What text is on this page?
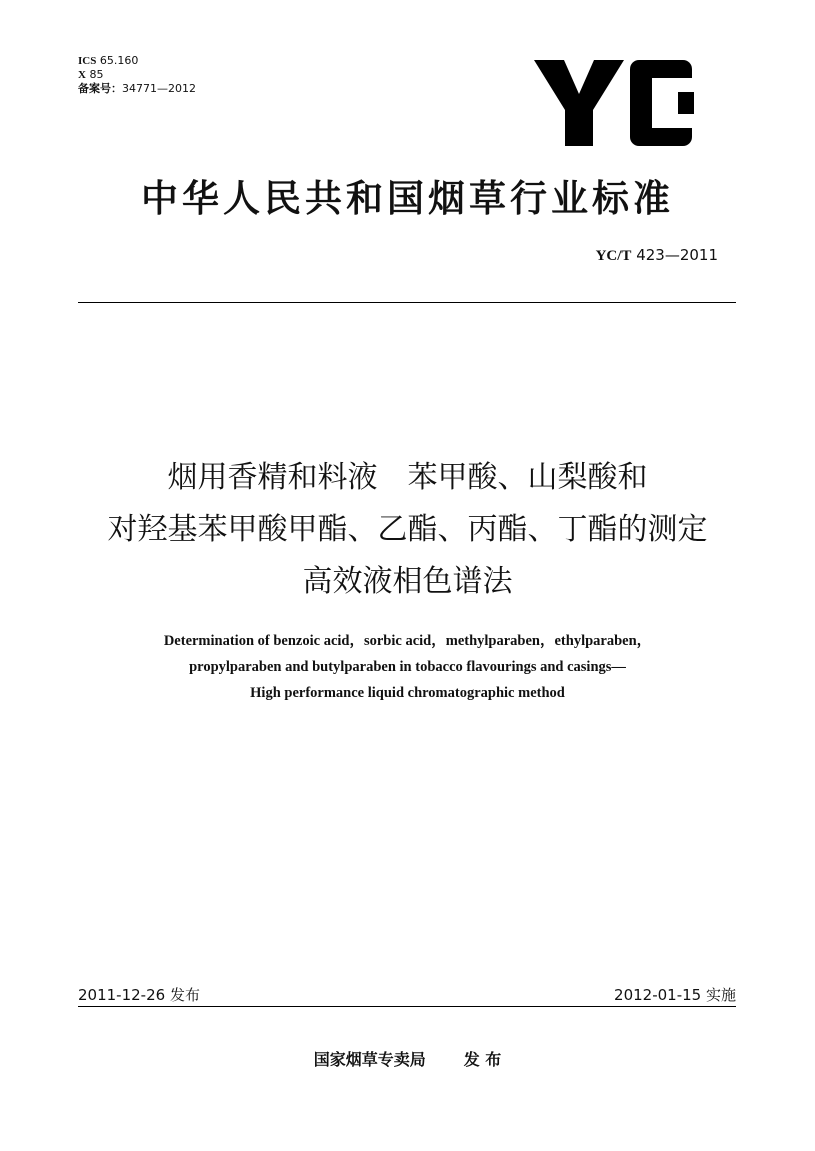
ICS 65.160
X 85
备案号：34771—2012
中华人民共和国烟草行业标准
YC/T 423—2011
烟用香精和料液　苯甲酸、山梨酸和
对羟基苯甲酸甲酯、乙酯、丙酯、丁酯的测定
高效液相色谱法
Determination of benzoic acid，sorbic acid，methylparaben，ethylparaben，
propylparaben and butylparaben in tobacco flavourings and casings—
High performance liquid chromatographic method
2011-12-26 发布	2012-01-15 实施
国家烟草专卖局 发 布
